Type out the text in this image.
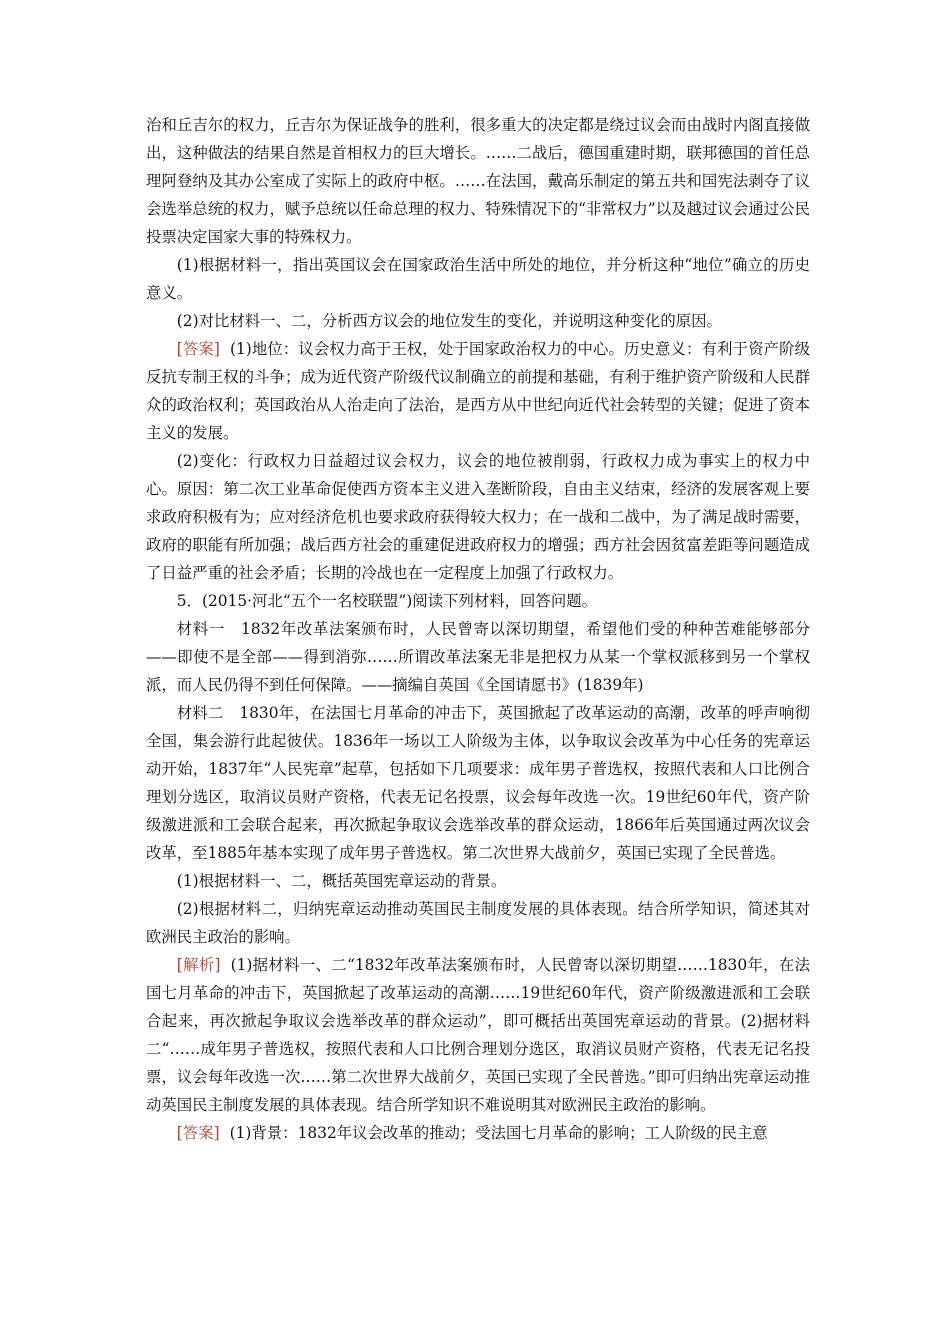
治和丘吉尔的权力，丘吉尔为保证战争的胜利，很多重大的决定都是绕过议会而由战时内阁直接做出，这种做法的结果自然是首相权力的巨大增长。……二战后，德国重建时期，联邦德国的首任总理阿登纳及其办公室成了实际上的政府中枢。……在法国，戴高乐制定的第五共和国宪法剥夺了议会选举总统的权力，赋予总统以任命总理的权力、特殊情况下的“非常权力”以及越过议会通过公民投票决定国家大事的特殊权力。

(1)根据材料一，指出英国议会在国家政治生活中所处的地位，并分析这种“地位”确立的历史意义。

(2)对比材料一、二，分析西方议会的地位发生的变化，并说明这种变化的原因。

[答案] (1)地位：议会权力高于王权，处于国家政治权力的中心。历史意义：有利于资产阶级反抗专制王权的斗争；成为近代资产阶级代议制确立的前提和基础，有利于维护资产阶级和人民群众的政治权利；英国政治从人治走向了法治，是西方从中世纪向近代社会转型的关键；促进了资本主义的发展。

(2)变化：行政权力日益超过议会权力，议会的地位被削弱，行政权力成为事实上的权力中心。原因：第二次工业革命促使西方资本主义进入垄断阶段，自由主义结束，经济的发展客观上要求政府积极有为；应对经济危机也要求政府获得较大权力；在一战和二战中，为了满足战时需要，政府的职能有所加强；战后西方社会的重建促进政府权力的增强；西方社会因贫富差距等问题造成了日益严重的社会矛盾；长期的冷战也在一定程度上加强了行政权力。

5．(2015·河北“五个一名校联盟”)阅读下列材料，回答问题。

材料一　1832年改革法案颁布时，人民曾寄以深切期望，希望他们受的种种苦难能够部分——即使不是全部——得到消弥……所谓改革法案无非是把权力从某一个掌权派移到另一个掌权派，而人民仍得不到任何保障。——摘编自英国《全国请愿书》(1839年)

材料二　1830年，在法国七月革命的冲击下，英国掀起了改革运动的高潮，改革的呼声响彻全国，集会游行此起彼伏。1836年一场以工人阶级为主体，以争取议会改革为中心任务的宪章运动开始，1837年“人民宪章”起草，包括如下几项要求：成年男子普选权，按照代表和人口比例合理划分选区，取消议员财产资格，代表无记名投票，议会每年改选一次。19世纪60年代，资产阶级激进派和工会联合起来，再次掀起争取议会选举改革的群众运动，1866年后英国通过两次议会改革，至1885年基本实现了成年男子普选权。第二次世界大战前夕，英国已实现了全民普选。

(1)根据材料一、二，概括英国宪章运动的背景。

(2)根据材料二，归纳宪章运动推动英国民主制度发展的具体表现。结合所学知识，简述其对欧洲民主政治的影响。

[解析] (1)据材料一、二“1832年改革法案颁布时，人民曾寄以深切期望……1830年，在法国七月革命的冲击下，英国掀起了改革运动的高潮……19世纪60年代，资产阶级激进派和工会联合起来，再次掀起争取议会选举改革的群众运动”，即可概括出英国宪章运动的背景。(2)据材料二“……成年男子普选权，按照代表和人口比例合理划分选区，取消议员财产资格，代表无记名投票，议会每年改选一次……第二次世界大战前夕，英国已实现了全民普选。”即可归纳出宪章运动推动英国民主制度发展的具体表现。结合所学知识不难说明其对欧洲民主政治的影响。

[答案] (1)背景：1832年议会改革的推动；受法国七月革命的影响；工人阶级的民主意
